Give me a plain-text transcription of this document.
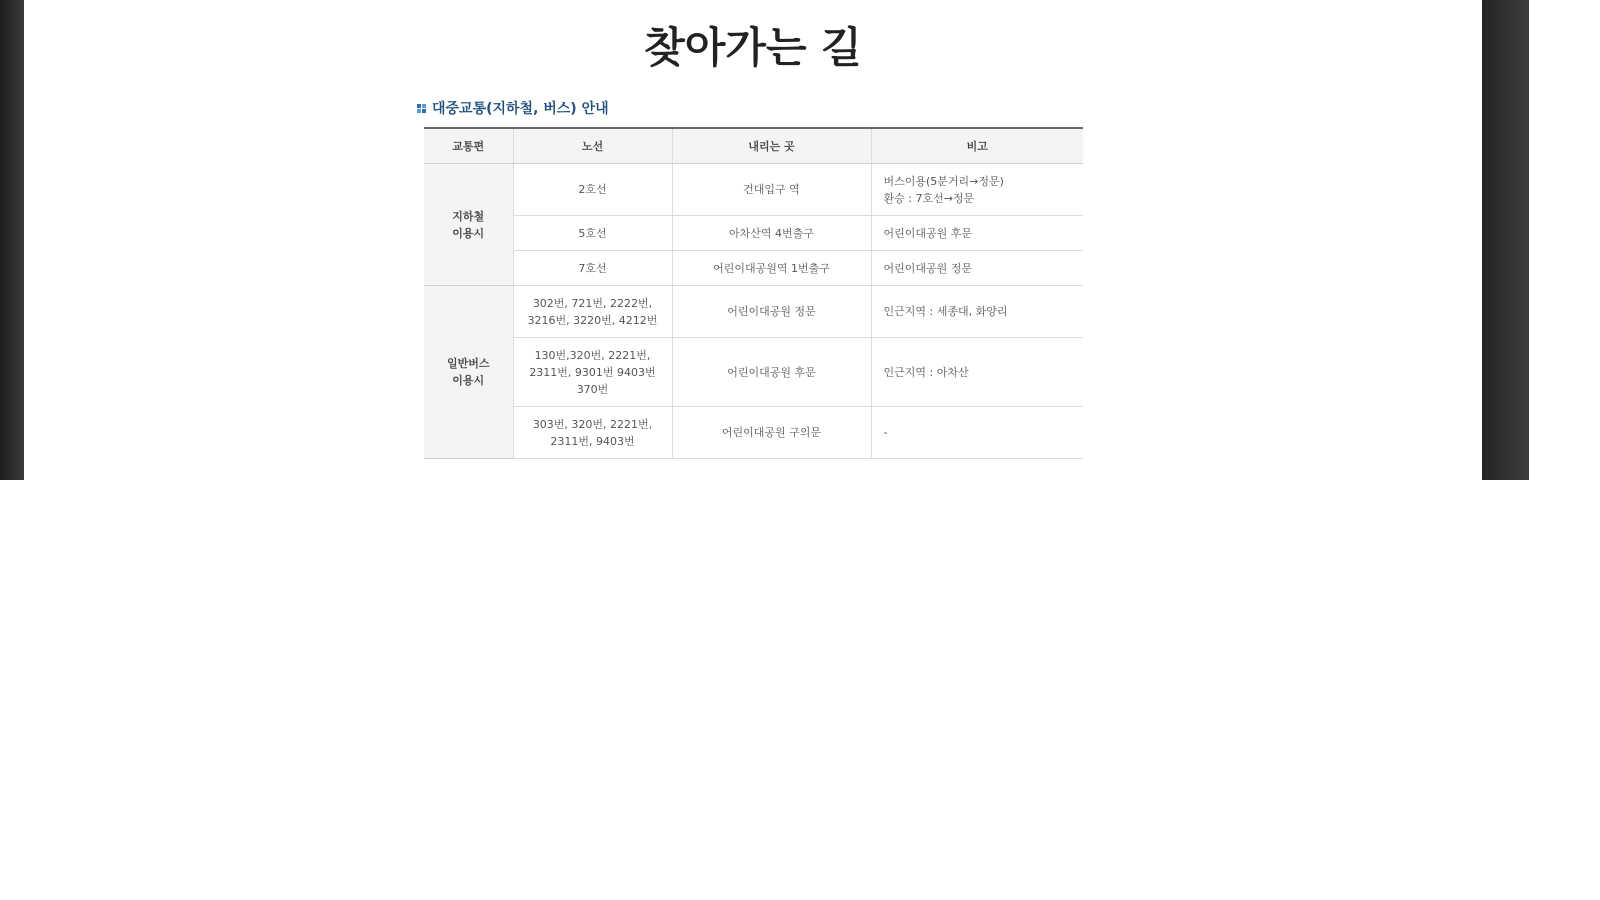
찾아가는 길
대중교통(지하철, 버스) 안내
교통편	노선	내리는 곳	비고

지하철
이용시	2호선	건대입구 역	버스이용(5분거리→정문)
환승 : 7호선→정문

	5호선	아차산역 4번출구	어린이대공원 후문

	7호선	어린이대공원역 1번출구	어린이대공원 정문

일반버스
이용시	302번, 721번, 2222번,
3216번, 3220번, 4212번	어린이대공원 정문	인근지역 : 세종대, 화양리

	130번,320번, 2221번,
2311번, 9301번 9403번
370번	어린이대공원 후문	인근지역 : 아차산

	303번, 320번, 2221번,
2311번, 9403번	어린이대공원 구의문	-
